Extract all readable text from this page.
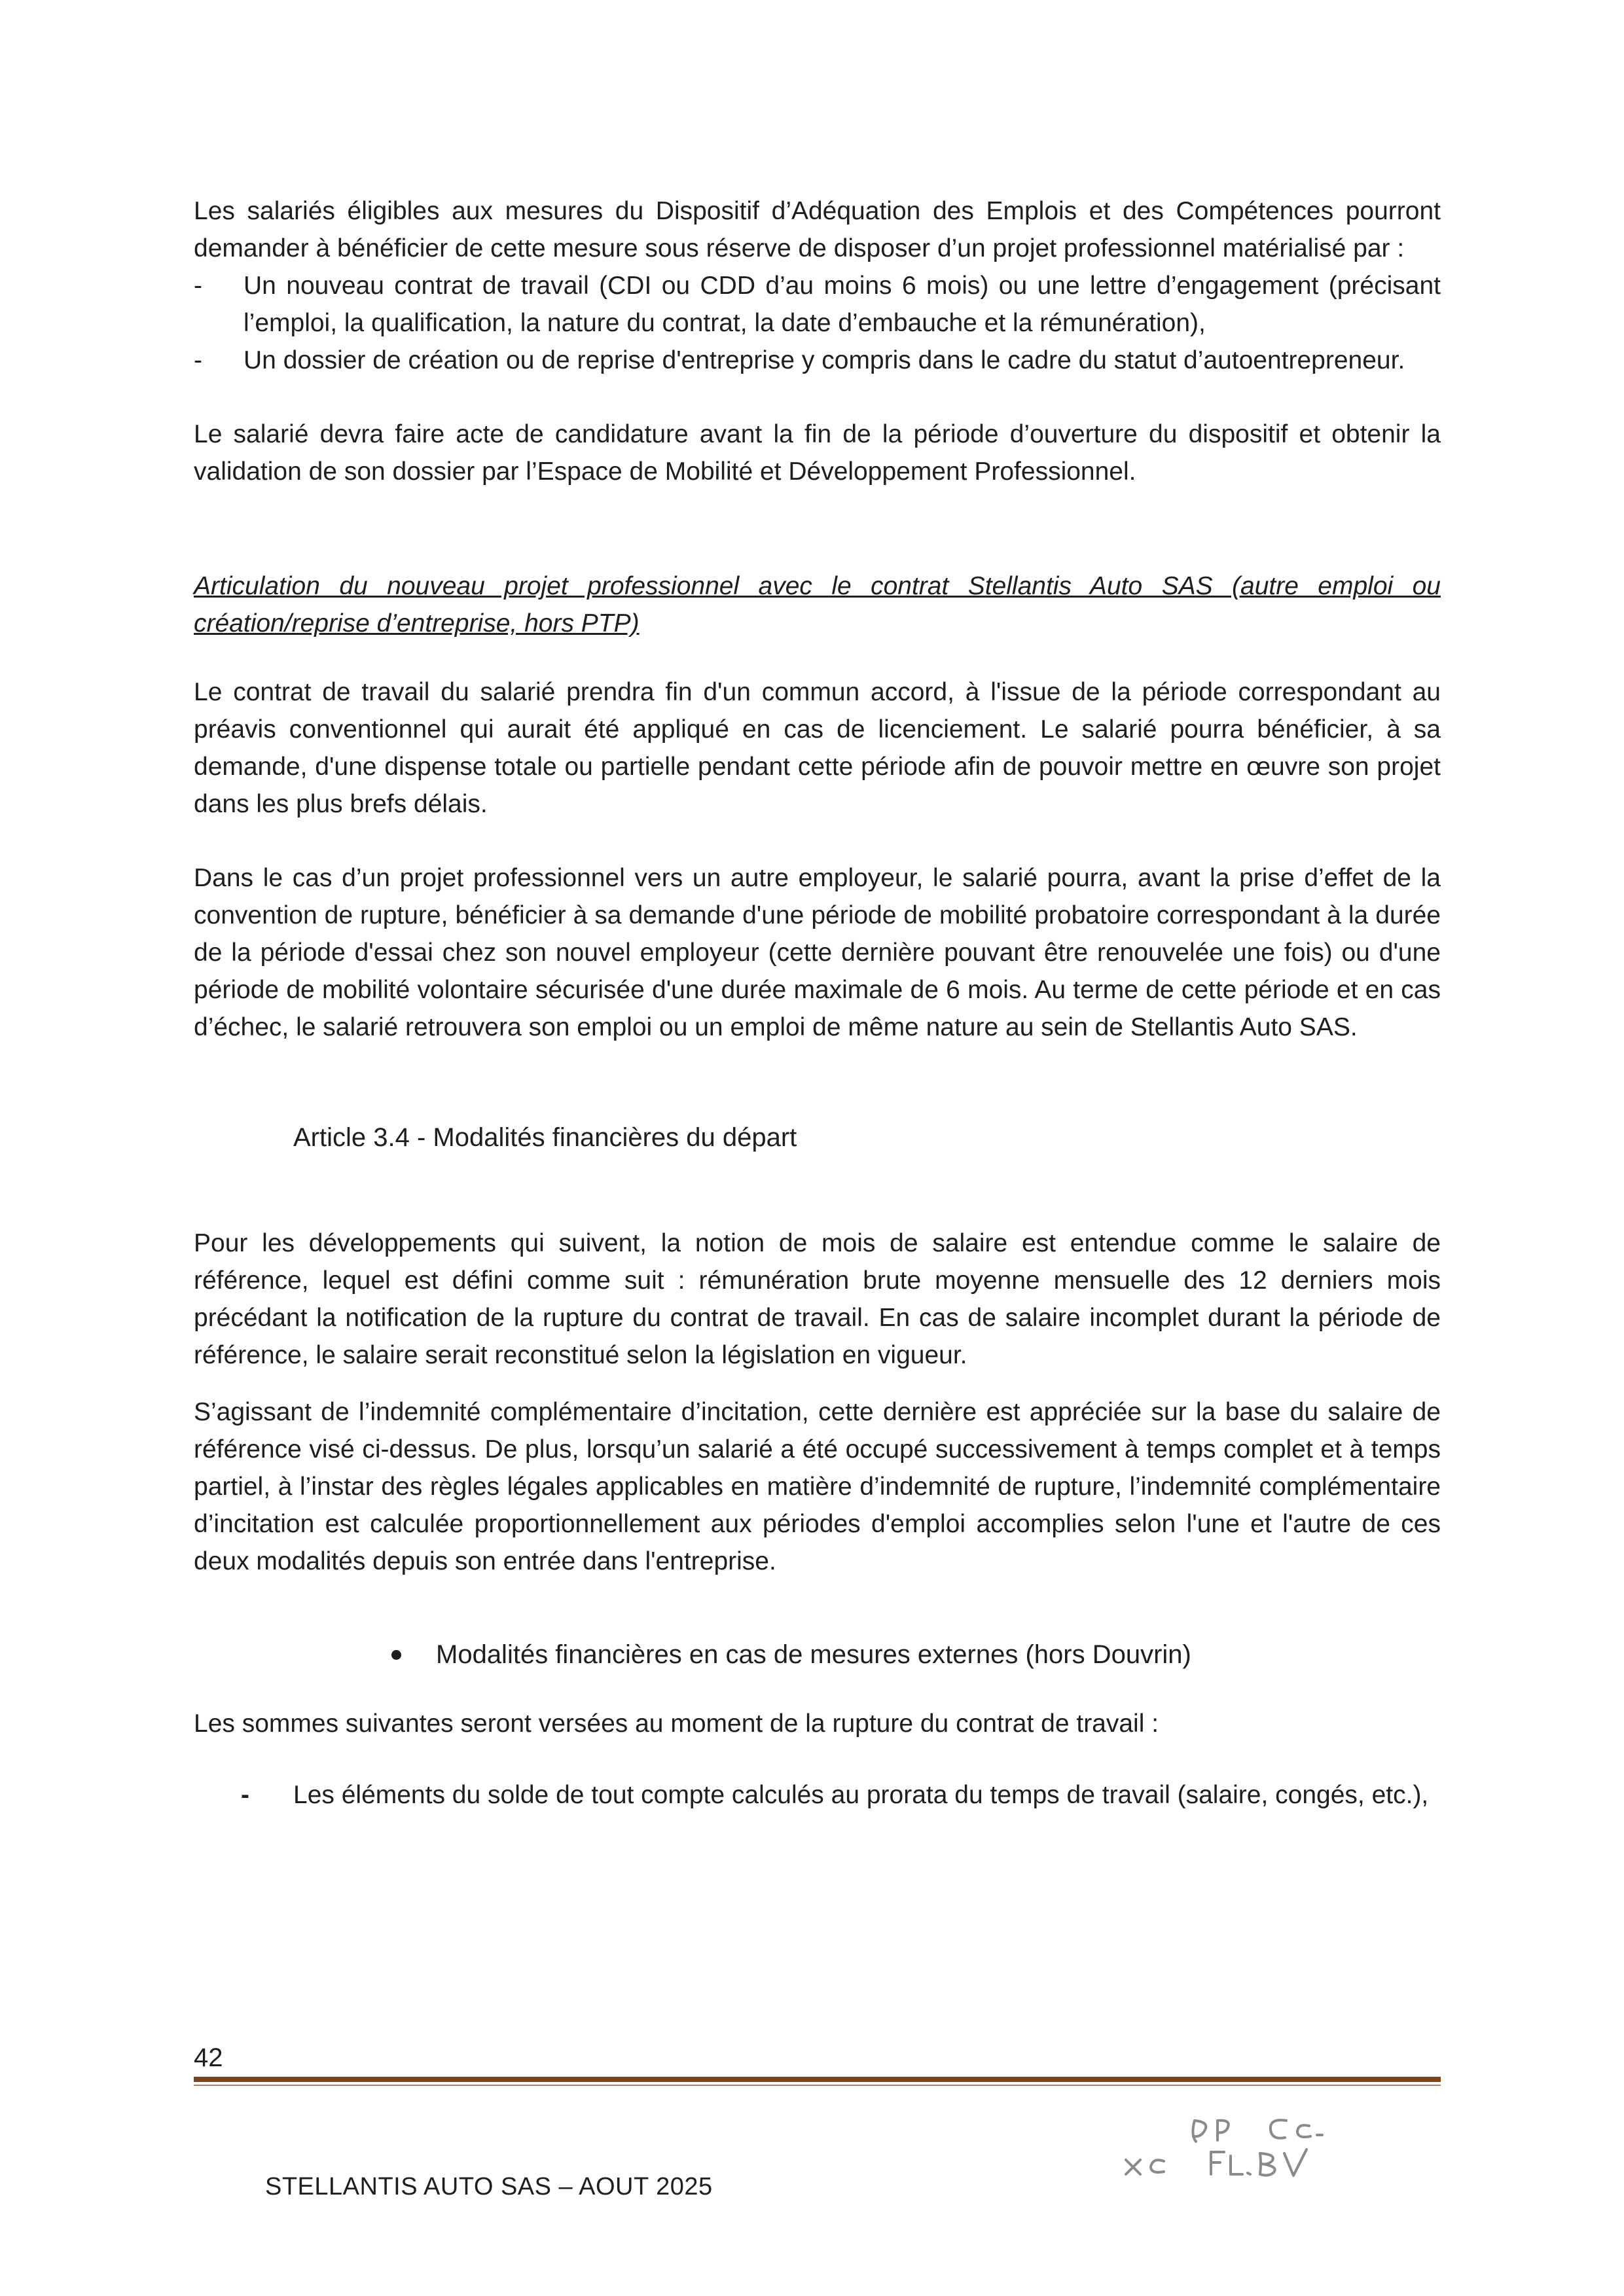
Les salariés éligibles aux mesures du Dispositif d’Adéquation des Emplois et des Compétences pourront demander à bénéficier de cette mesure sous réserve de disposer d’un projet professionnel matérialisé par :

-	Un nouveau contrat de travail (CDI ou CDD d’au moins 6 mois) ou une lettre d’engagement (précisant l’emploi, la qualification, la nature du contrat, la date d’embauche et la rémunération),
-	Un dossier de création ou de reprise d'entreprise y compris dans le cadre du statut d’autoentrepreneur.

Le salarié devra faire acte de candidature avant la fin de la période d’ouverture du dispositif et obtenir la validation de son dossier par l’Espace de Mobilité et Développement Professionnel.

Articulation du nouveau projet professionnel avec le contrat Stellantis Auto SAS (autre emploi ou création/reprise d’entreprise, hors PTP)

Le contrat de travail du salarié prendra fin d'un commun accord, à l'issue de la période correspondant au préavis conventionnel qui aurait été appliqué en cas de licenciement. Le salarié pourra bénéficier, à sa demande, d'une dispense totale ou partielle pendant cette période afin de pouvoir mettre en œuvre son projet dans les plus brefs délais.

Dans le cas d’un projet professionnel vers un autre employeur, le salarié pourra, avant la prise d’effet de la convention de rupture, bénéficier à sa demande d'une période de mobilité probatoire correspondant à la durée de la période d'essai chez son nouvel employeur (cette dernière pouvant être renouvelée une fois) ou d'une période de mobilité volontaire sécurisée d'une durée maximale de 6 mois. Au terme de cette période et en cas d’échec, le salarié retrouvera son emploi ou un emploi de même nature au sein de Stellantis Auto SAS.

Article 3.4 - Modalités financières du départ

Pour les développements qui suivent, la notion de mois de salaire est entendue comme le salaire de référence, lequel est défini comme suit : rémunération brute moyenne mensuelle des 12 derniers mois précédant la notification de la rupture du contrat de travail. En cas de salaire incomplet durant la période de référence, le salaire serait reconstitué selon la législation en vigueur.

S’agissant de l’indemnité complémentaire d’incitation, cette dernière est appréciée sur la base du salaire de référence visé ci-dessus. De plus, lorsqu’un salarié a été occupé successivement à temps complet et à temps partiel, à l’instar des règles légales applicables en matière d’indemnité de rupture, l’indemnité complémentaire d’incitation est calculée proportionnellement aux périodes d'emploi accomplies selon l'une et l'autre de ces deux modalités depuis son entrée dans l'entreprise.

Modalités financières en cas de mesures externes (hors Douvrin)

Les sommes suivantes seront versées au moment de la rupture du contrat de travail :

-	Les éléments du solde de tout compte calculés au prorata du temps de travail (salaire, congés, etc.),
42
STELLANTIS AUTO SAS – AOUT 2025
